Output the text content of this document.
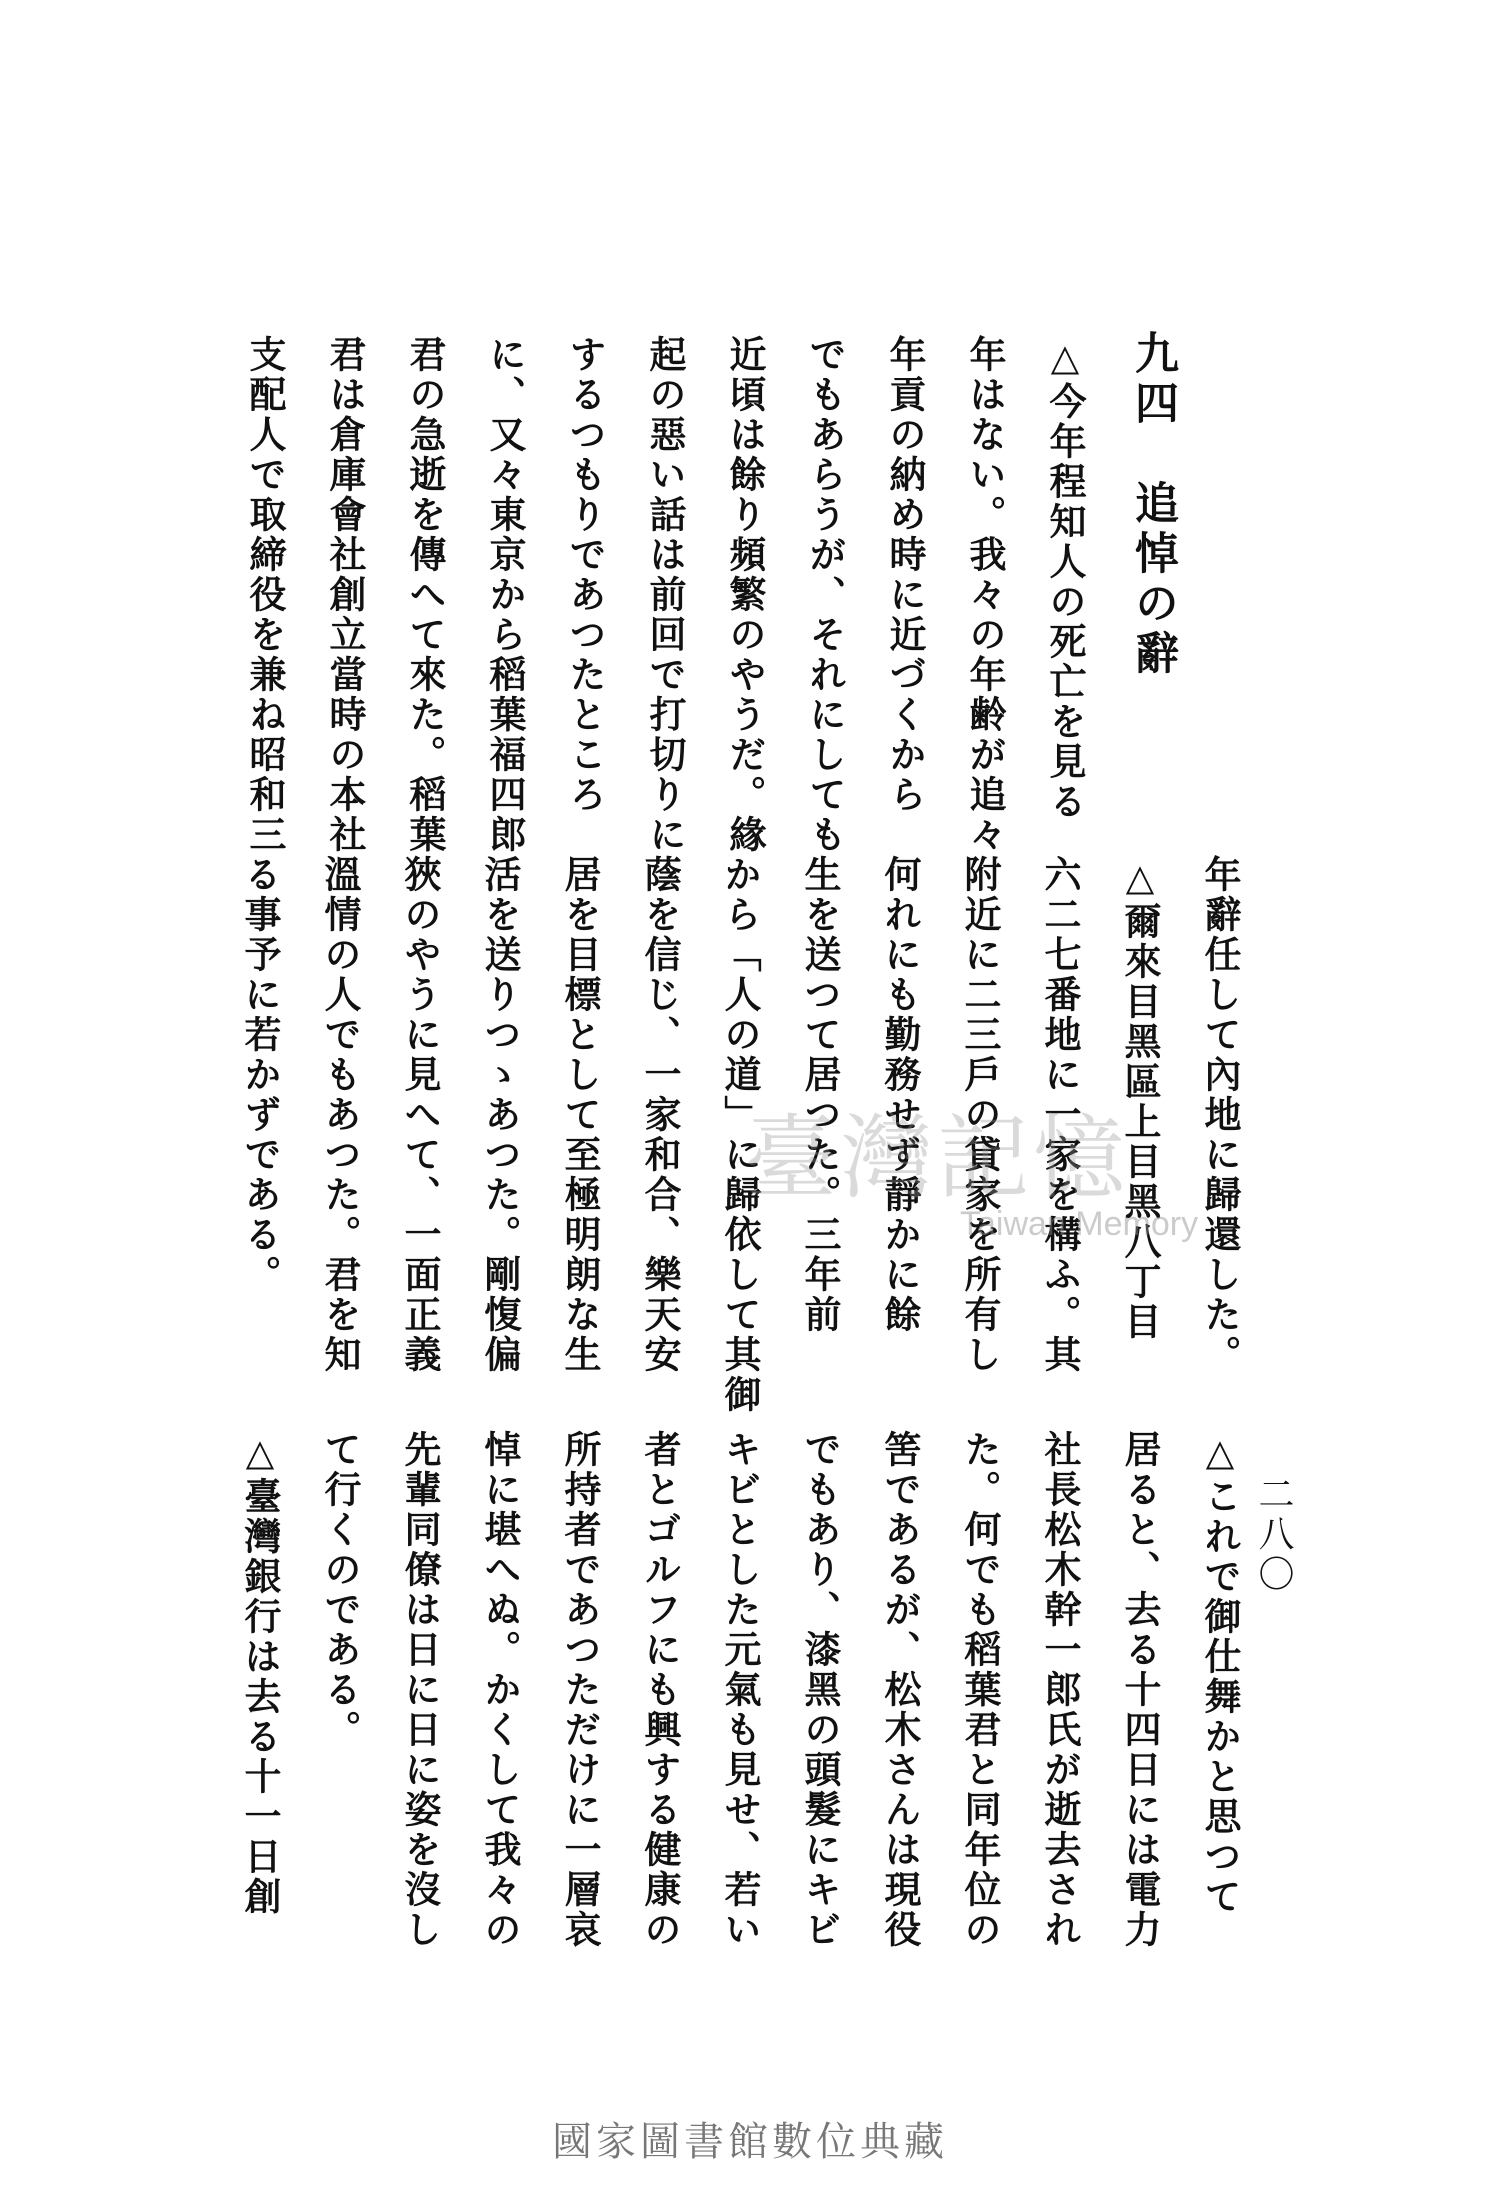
九四　追悼の辭
二八〇
△今年程知人の死亡を見る
年はない。我々の年齢が追々
年貢の納め時に近づくから
でもあらうが、それにしても
近頃は餘り頻繁のやうだ。緣
起の惡い話は前回で打切りに
するつもりであつたところ
に、又々東京から稻葉福四郎
君の急逝を傳へて來た。稻葉
君は倉庫會社創立當時の本社
支配人で取締役を兼ね昭和三
年辭任して內地に歸還した。
△爾來目黑區上目黑八丁目
六二七番地に一家を構ふ。其
附近に二三戶の貸家を所有し
何れにも勤務せず靜かに餘
生を送つて居つた。三年前
から「人の道」に歸依して其御
蔭を信じ、一家和合、樂天安
居を目標として至極明朗な生
活を送りつゝあつた。剛愎偏
狹のやうに見へて、一面正義
溫情の人でもあつた。君を知
る事予に若かずである。
△これで御仕舞かと思つて
居ると、去る十四日には電力
社長松木幹一郎氏が逝去され
た。何でも稻葉君と同年位の
筈であるが、松木さんは現役
でもあり、漆黑の頭髮にキビ
キビとした元氣も見せ、若い
者とゴルフにも興する健康の
所持者であつただけに一層哀
悼に堪へぬ。かくして我々の
先輩同僚は日に日に姿を沒し
て行くのである。
△臺灣銀行は去る十一日創
臺灣記憶
Taiwan Memory
國家圖書館數位典藏
